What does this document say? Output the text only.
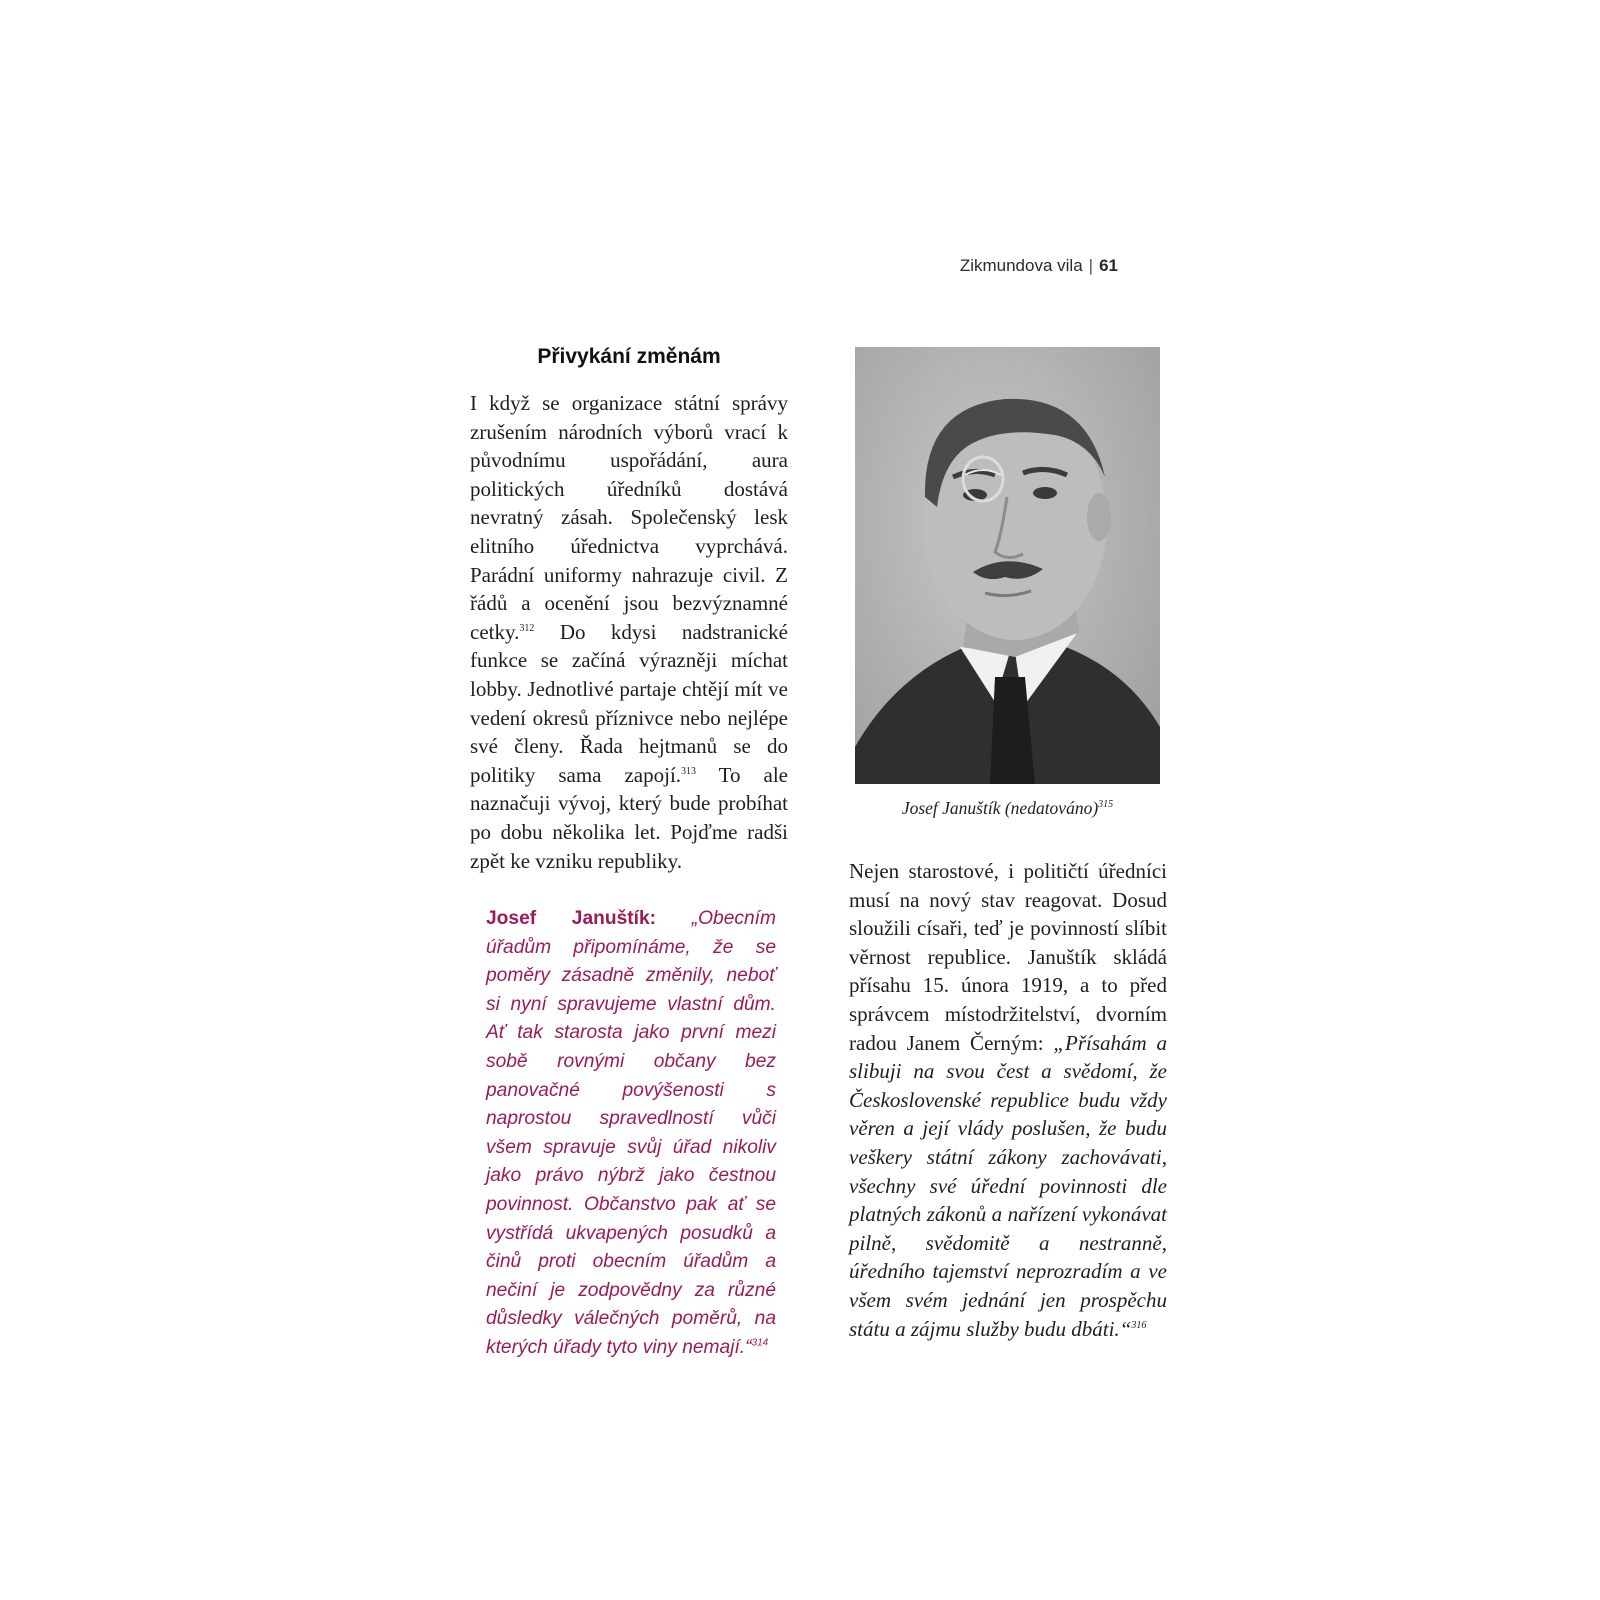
Zikmundova vila | 61
Přivykání změnám

I když se organizace státní správy zrušením národních výborů vrací k původnímu uspořádání, aura politických úředníků dostává nevratný zásah. Společenský lesk elitního úřednictva vyprchává. Parádní uniformy nahrazuje civil. Z řádů a ocenění jsou bezvýznamné cetky.$^{312}$ Do kdysi nadstranické funkce se začíná výrazněji míchat lobby. Jednotlivé partaje chtějí mít ve vedení okresů příznivce nebo nejlépe své členy. Řada hejtmanů se do politiky sama zapojí.$^{313}$ To ale naznačuji vývoj, který bude probíhat po dobu několika let. Pojďme radši zpět ke vzniku republiky.

Josef Januštík: „Obecním úřadům připomínáme, že se poměry zásadně změnily, neboť si nyní spravujeme vlastní dům. Ať tak starosta jako první mezi sobě rovnými občany bez panovačné povýšenosti s naprostou spravedlností vůči všem spravuje svůj úřad nikoliv jako právo nýbrž jako čestnou povinnost. Občanstvo pak ať se vystřídá ukvapených posudků a činů proti obecním úřadům a nečiní je zodpovědny za různé důsledky válečných poměrů, na kterých úřady tyto viny nemají.“$^{314}$
Josef Januštík (nedatováno)$^{315}$

Nejen starostové, i političtí úředníci musí na nový stav reagovat. Dosud sloužili císaři, teď je povinností slíbit věrnost republice. Januštík skládá přísahu 15. února 1919, a to před správcem místodržitelství, dvorním radou Janem Černým: „Přísahám a slibuji na svou čest a svědomí, že Československé republice budu vždy věren a její vlády poslušen, že budu veškery státní zákony zachovávati, všechny své úřední povinnosti dle platných zákonů a nařízení vykonávat pilně, svědomitě a nestranně, úředního tajemství neprozradím a ve všem svém jednání jen prospěchu státu a zájmu služby budu dbáti.“$^{316}$
